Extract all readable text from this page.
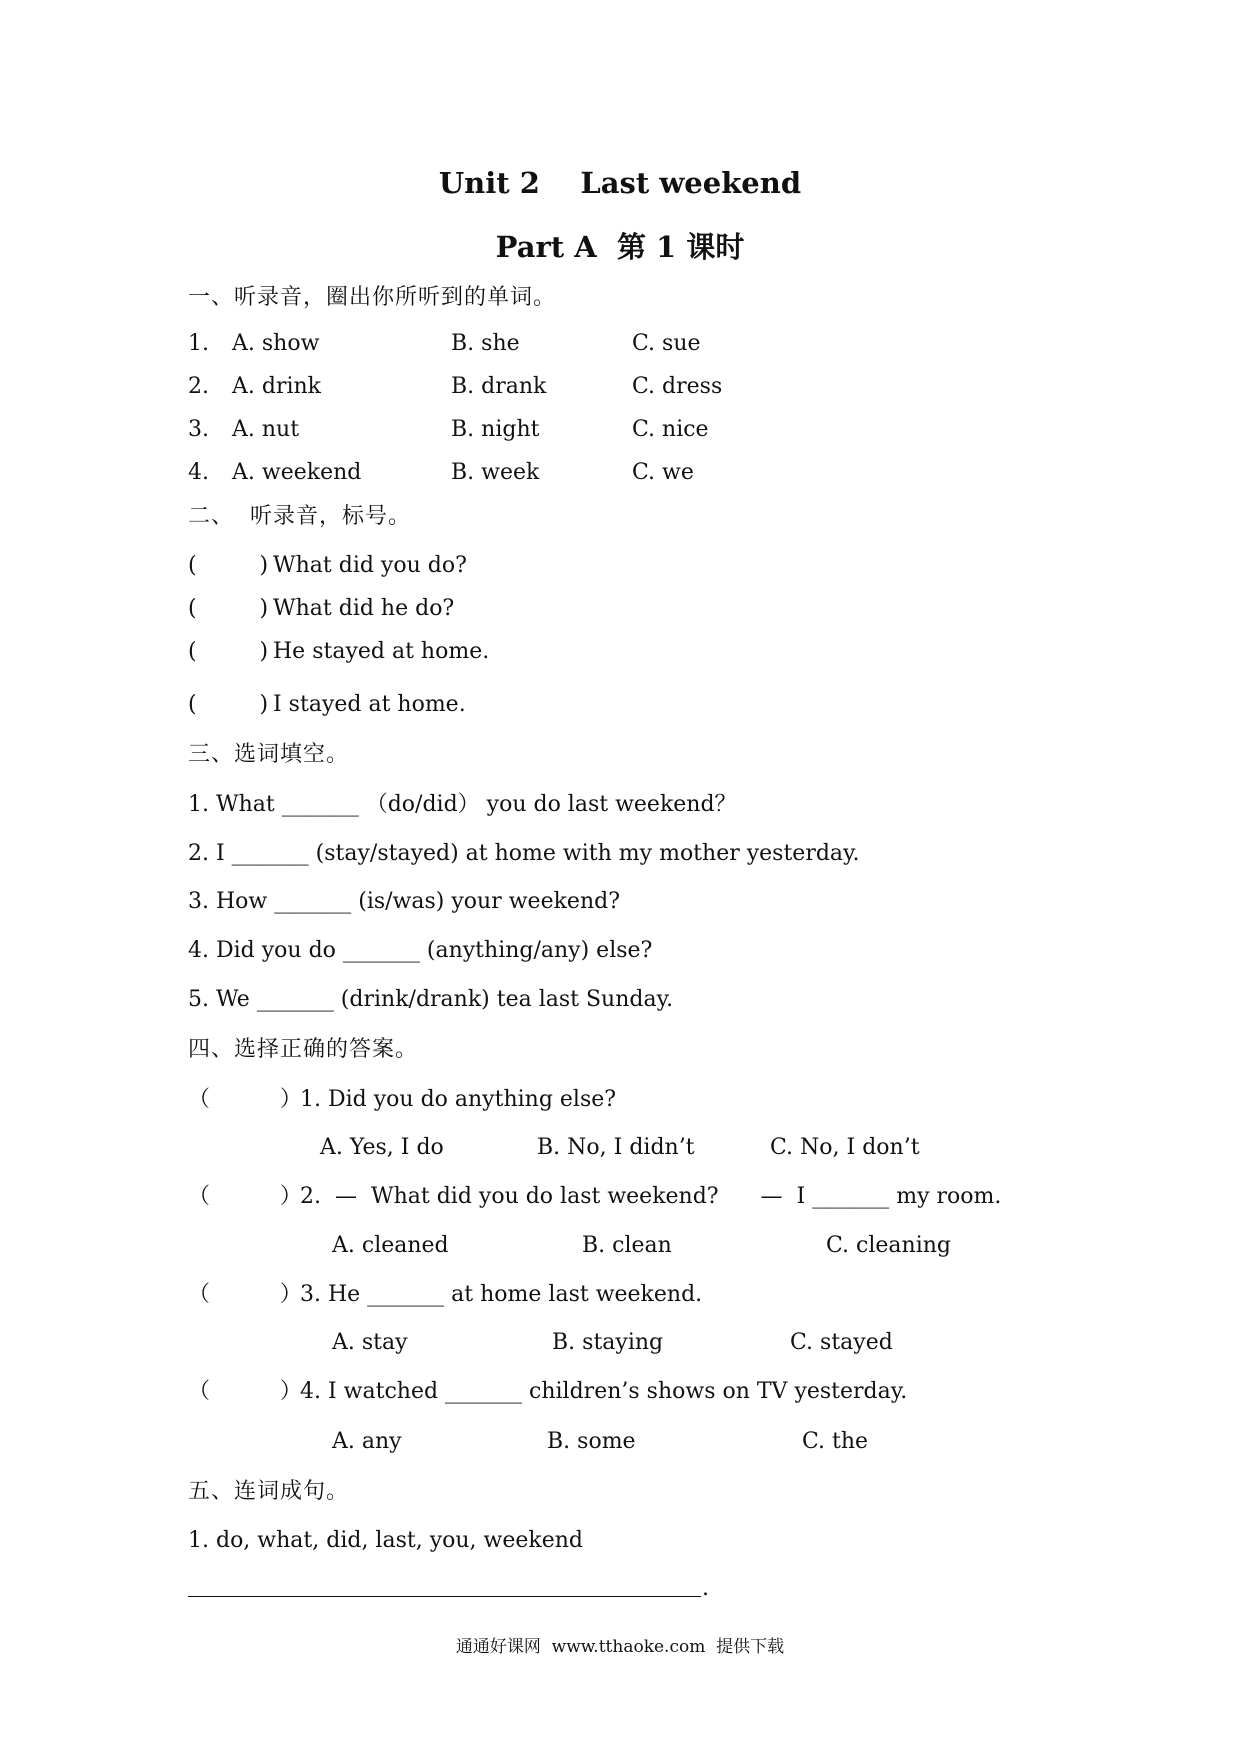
Unit 2    Last weekend
Part A  第 1 课时
一、听录音，圈出你所听到的单词。
1. A. show	B. she	C. sue
2. A. drink	B. drank	C. dress
3. A. nut	B. night	C. nice
4. A. weekend	B. week	C. we
二、  听录音，标号。
(         ) What did you do?
(         ) What did he do?
(         ) He stayed at home.
(         ) I stayed at home.
三、选词填空。
1. What _______ （do/did） you do last weekend？
2. I _______ (stay/stayed) at home with my mother yesterday.
3. How _______ (is/was) your weekend?
4. Did you do _______ (anything/any) else?
5. We _______ (drink/drank) tea last Sunday.
四、选择正确的答案。
（          ）
1. Did you do anything else?
A. Yes, I do	B. No, I didn’t	C. No, I don’t
（          ）
2.  —  What did you do last weekend?      —  I _______ my room.
A. cleaned	B. clean	C. cleaning
（          ）
3. He _______ at home last weekend.
A. stay	B. staying	C. stayed
（          ）
4. I watched _______ children’s shows on TV yesterday.
A. any	B. some	C. the
五、连词成句。
1. do, what, did, last, you, weekend
.
通通好课网  www.tthaoke.com  提供下载
